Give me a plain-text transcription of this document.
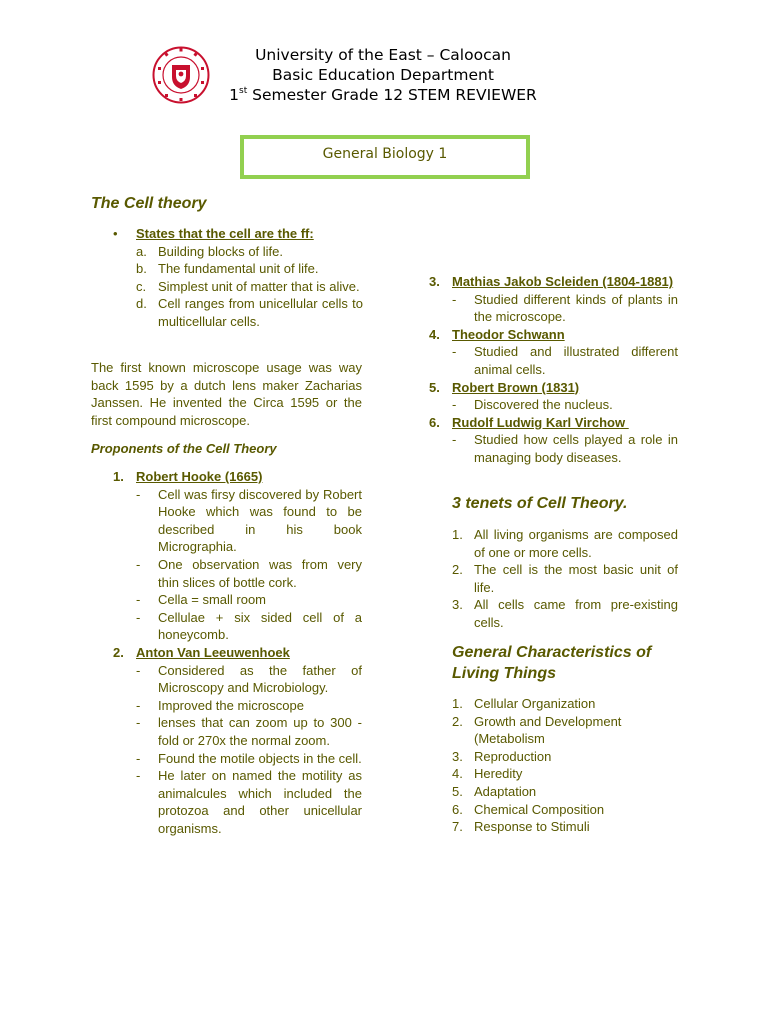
University of the East – Caloocan
Basic Education Department
1st Semester Grade 12 STEM REVIEWER
General Biology 1
The Cell theory
• States that the cell are the ff:
a. Building blocks of life.
b. The fundamental unit of life.
c. Simplest unit of matter that is alive.
d. Cell ranges from unicellular cells to multicellular cells.

The first known microscope usage was way back 1595 by a dutch lens maker Zacharias Janssen. He invented the Circa 1595 or the first compound microscope.

Proponents of the Cell Theory
1. Robert Hooke (1665)
- Cell was firsy discovered by Robert Hooke which was found to be described in his book Micrographia.
- One observation was from very thin slices of bottle cork.
- Cella = small room
- Cellulae + six sided cell of a honeycomb.
2. Anton Van Leeuwenhoek
- Considered as the father of Microscopy and Microbiology.
- Improved the microscope
- lenses that can zoom up to 300 -fold or 270x the normal zoom.
- Found the motile objects in the cell.
- He later on named the motility as animalcules which included the protozoa and other unicellular organisms.
3. Mathias Jakob Scleiden (1804-1881)
- Studied different kinds of plants in the microscope.
4. Theodor Schwann
- Studied and illustrated different animal cells.
5. Robert Brown (1831)
- Discovered the nucleus.
6. Rudolf Ludwig Karl Virchow
- Studied how cells played a role in managing body diseases.
3 tenets of Cell Theory.
1. All living organisms are composed of one or more cells.
2. The cell is the most basic unit of life.
3. All cells came from pre-existing cells.
General Characteristics of Living Things
1. Cellular Organization
2. Growth and Development (Metabolism
3. Reproduction
4. Heredity
5. Adaptation
6. Chemical Composition
7. Response to Stimuli
